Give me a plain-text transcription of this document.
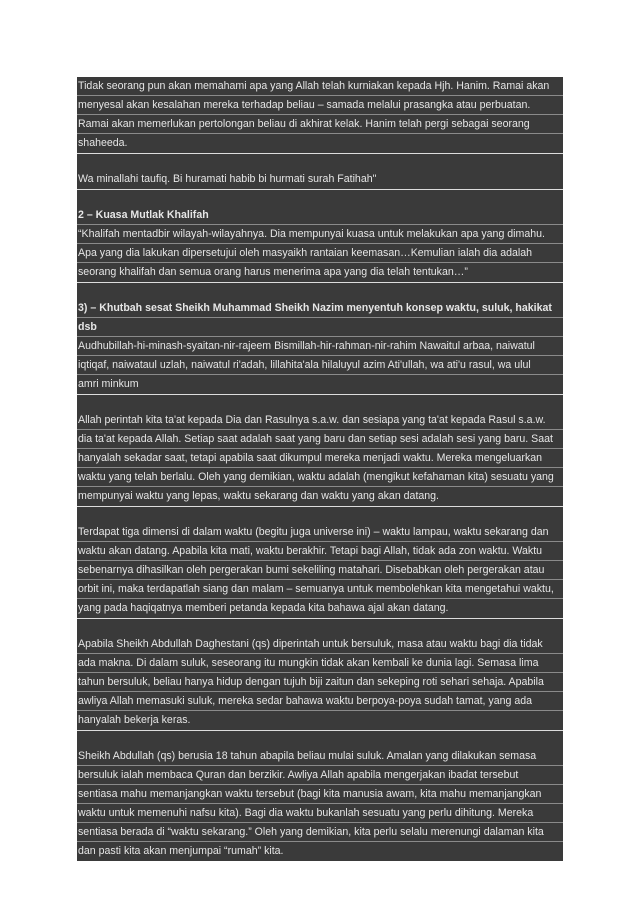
Tidak seorang pun akan memahami apa yang Allah telah kurniakan kepada Hjh. Hanim. Ramai akan
menyesal akan kesalahan mereka terhadap beliau – samada melalui prasangka atau perbuatan.
Ramai akan memerlukan pertolongan beliau di akhirat kelak. Hanim telah pergi sebagai seorang
shaheeda.
Wa minallahi taufiq. Bi huramati habib bi hurmati surah Fatihah"
2 – Kuasa Mutlak Khalifah
“Khalifah mentadbir wilayah-wilayahnya. Dia mempunyai kuasa untuk melakukan apa yang dimahu.
Apa yang dia lakukan dipersetujui oleh masyaikh rantaian keemasan…Kemulian ialah dia adalah
seorang khalifah dan semua orang harus menerima apa yang dia telah tentukan…”
3) – Khutbah sesat Sheikh Muhammad Sheikh Nazim menyentuh konsep waktu, suluk, hakikat
dsb
Audhubillah-hi-minash-syaitan-nir-rajeem Bismillah-hir-rahman-nir-rahim Nawaitul arbaa, naiwatul
iqtiqaf, naiwataul uzlah, naiwatul ri'adah, lillahita'ala hilaluyul azim Ati'ullah, wa ati'u rasul, wa ulul
amri minkum
Allah perintah kita ta'at kepada Dia dan Rasulnya s.a.w. dan sesiapa yang ta'at kepada Rasul s.a.w.
dia ta'at kepada Allah. Setiap saat adalah saat yang baru dan setiap sesi adalah sesi yang baru. Saat
hanyalah sekadar saat, tetapi apabila saat dikumpul mereka menjadi waktu. Mereka mengeluarkan
waktu yang telah berlalu. Oleh yang demikian, waktu adalah (mengikut kefahaman kita) sesuatu yang
mempunyai waktu yang lepas, waktu sekarang dan waktu yang akan datang.
Terdapat tiga dimensi di dalam waktu (begitu juga universe ini) – waktu lampau, waktu sekarang dan
waktu akan datang. Apabila kita mati, waktu berakhir. Tetapi bagi Allah, tidak ada zon waktu. Waktu
sebenarnya dihasilkan oleh pergerakan bumi sekeliling matahari. Disebabkan oleh pergerakan atau
orbit ini, maka terdapatlah siang dan malam – semuanya untuk membolehkan kita mengetahui waktu,
yang pada haqiqatnya memberi petanda kepada kita bahawa ajal akan datang.
Apabila Sheikh Abdullah Daghestani (qs) diperintah untuk bersuluk, masa atau waktu bagi dia tidak
ada makna. Di dalam suluk, seseorang itu mungkin tidak akan kembali ke dunia lagi. Semasa lima
tahun bersuluk, beliau hanya hidup dengan tujuh biji zaitun dan sekeping roti sehari sehaja. Apabila
awliya Allah memasuki suluk, mereka sedar bahawa waktu berpoya-poya sudah tamat, yang ada
hanyalah bekerja keras.
Sheikh Abdullah (qs) berusia 18 tahun abapila beliau mulai suluk. Amalan yang dilakukan semasa
bersuluk ialah membaca Quran dan berzikir. Awliya Allah apabila mengerjakan ibadat tersebut
sentiasa mahu memanjangkan waktu tersebut (bagi kita manusia awam, kita mahu memanjangkan
waktu untuk memenuhi nafsu kita). Bagi dia waktu bukanlah sesuatu yang perlu dihitung. Mereka
sentiasa berada di “waktu sekarang.” Oleh yang demikian, kita perlu selalu merenungi dalaman kita
dan pasti kita akan menjumpai “rumah” kita.
